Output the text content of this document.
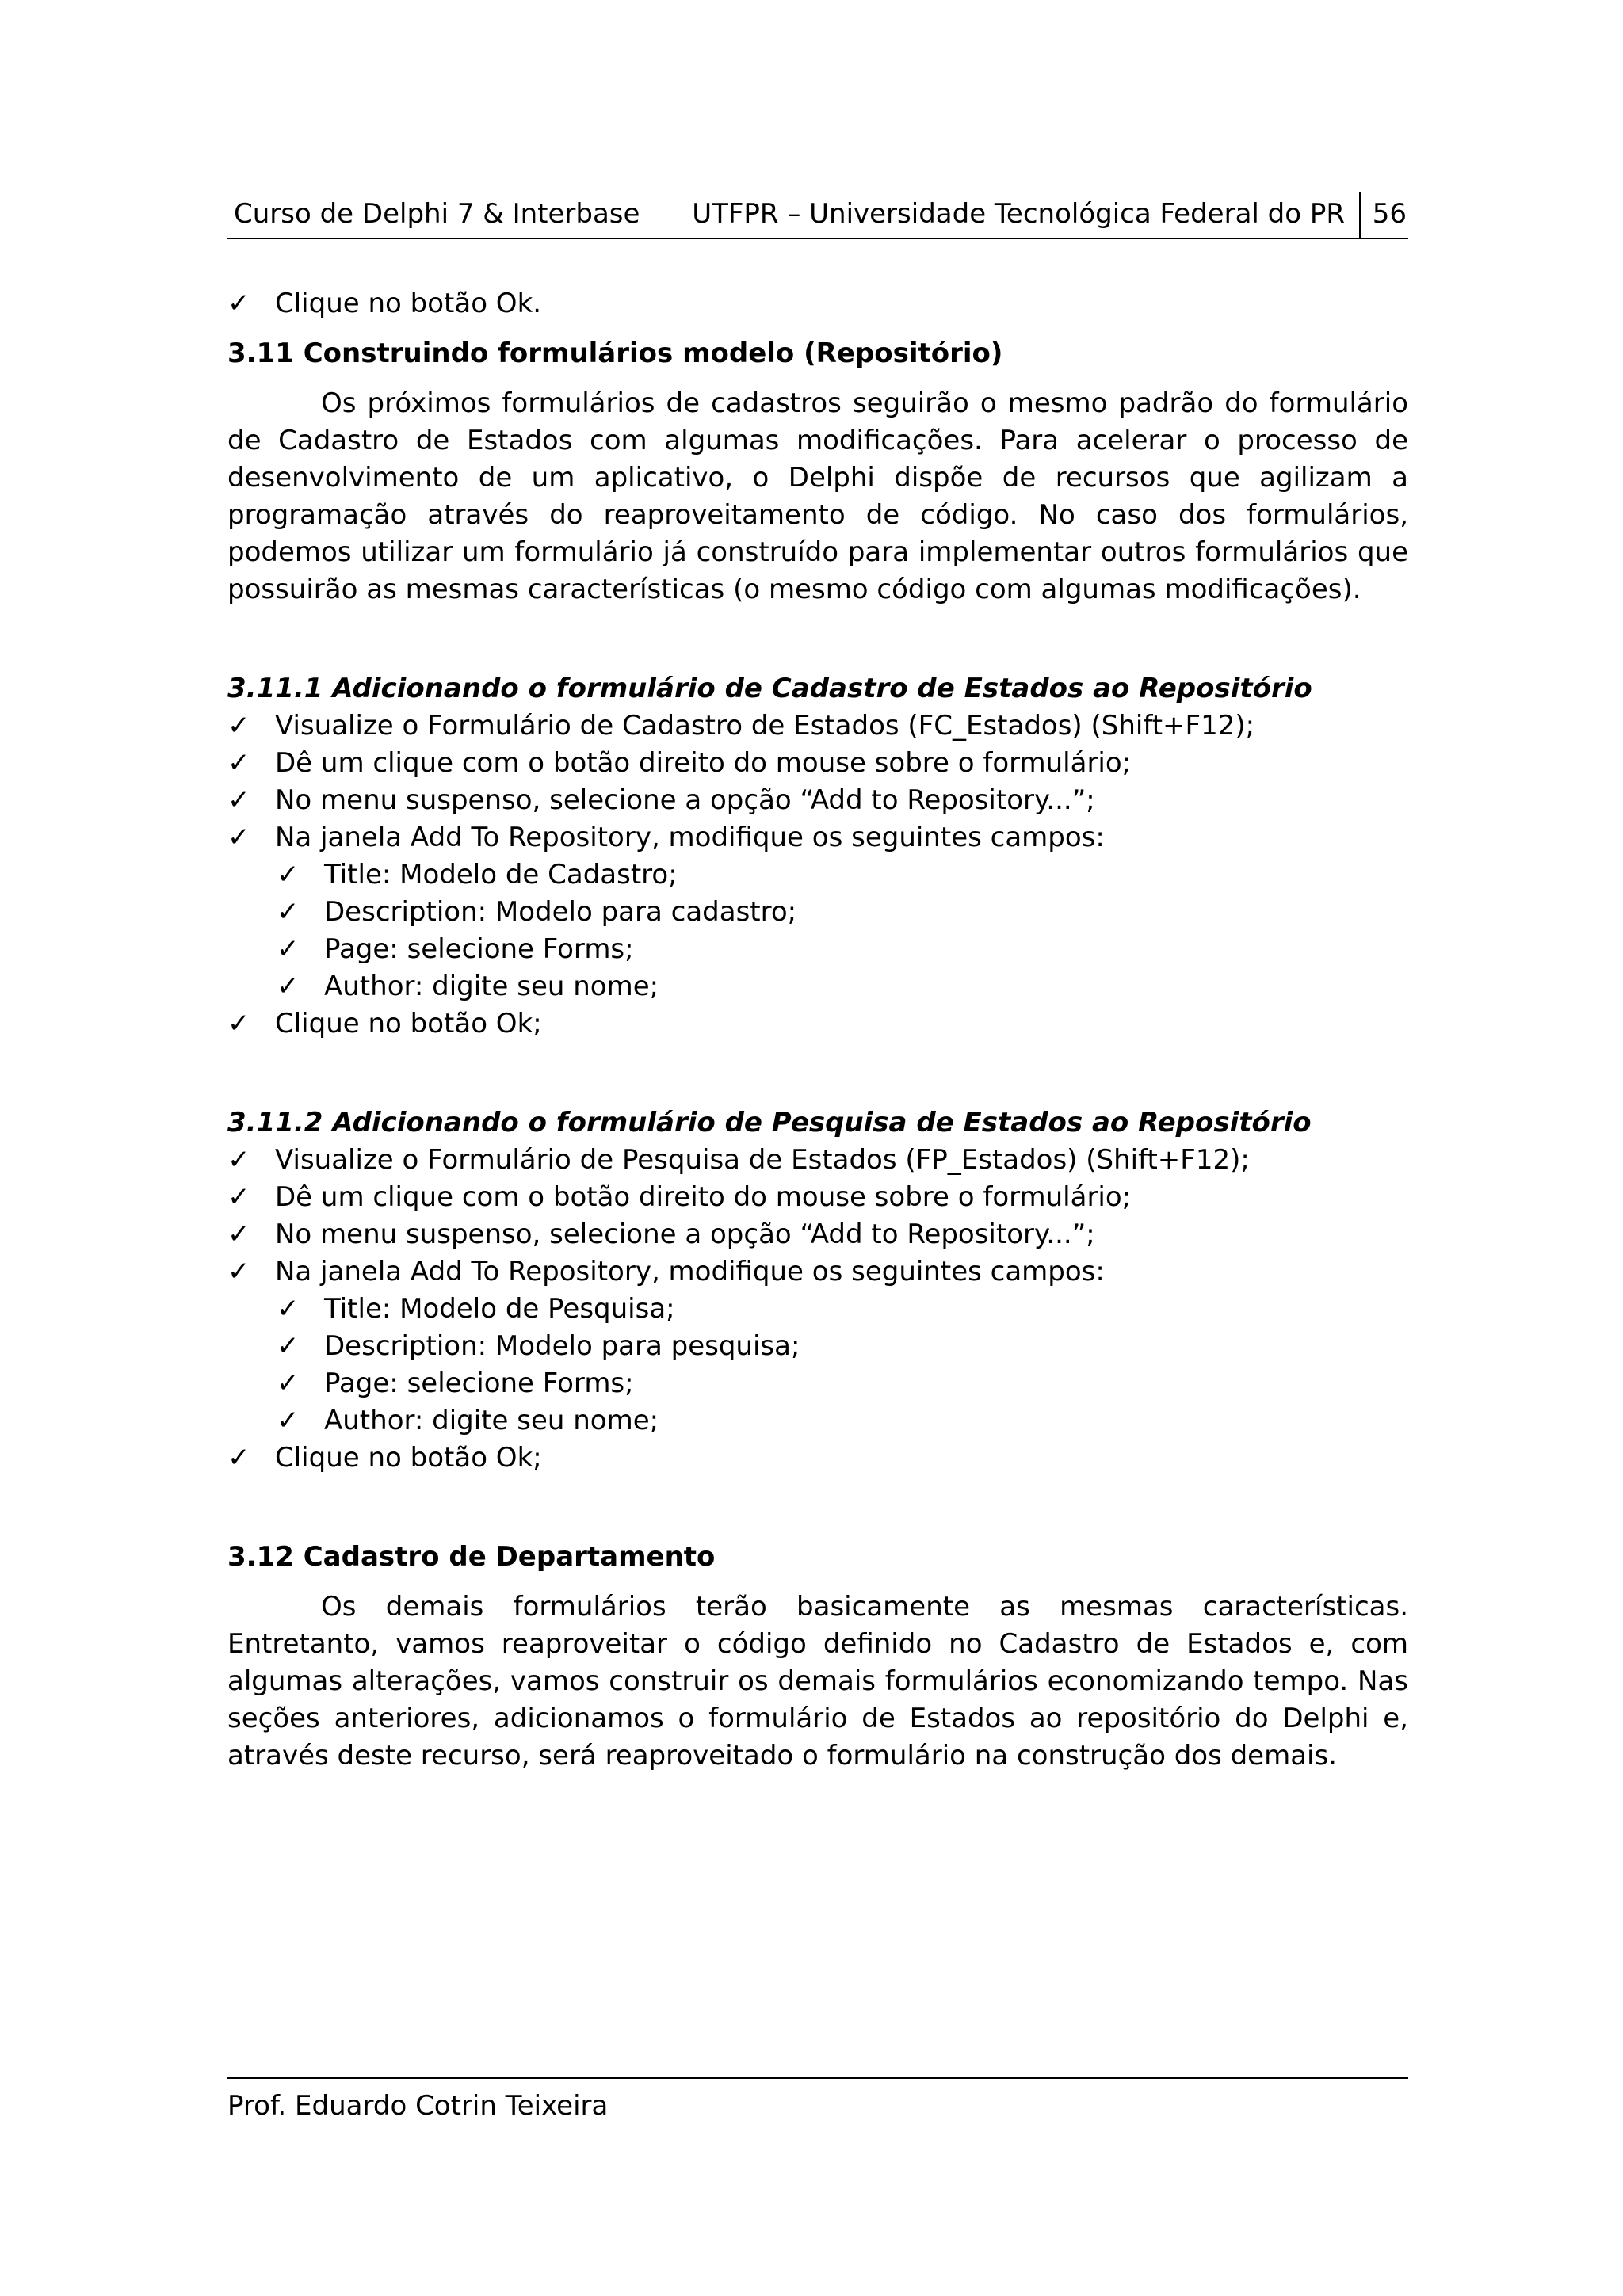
Curso de Delphi 7 & Interbase UTFPR – Universidade Tecnológica Federal do PR 56
✓ Clique no botão Ok.
3.11 Construindo formulários modelo (Repositório)

Os próximos formulários de cadastros seguirão o mesmo padrão do formulário de Cadastro de Estados com algumas modificações. Para acelerar o processo de desenvolvimento de um aplicativo, o Delphi dispõe de recursos que agilizam a programação através do reaproveitamento de código. No caso dos formulários, podemos utilizar um formulário já construído para implementar outros formulários que possuirão as mesmas características (o mesmo código com algumas modificações).

3.11.1 Adicionando o formulário de Cadastro de Estados ao Repositório
✓ Visualize o Formulário de Cadastro de Estados (FC_Estados) (Shift+F12);
✓ Dê um clique com o botão direito do mouse sobre o formulário;
✓ No menu suspenso, selecione a opção “Add to Repository...”;
✓ Na janela Add To Repository, modifique os seguintes campos:
✓ Title: Modelo de Cadastro;
✓ Description: Modelo para cadastro;
✓ Page: selecione Forms;
✓ Author: digite seu nome;
✓ Clique no botão Ok;
3.11.2 Adicionando o formulário de Pesquisa de Estados ao Repositório
✓ Visualize o Formulário de Pesquisa de Estados (FP_Estados) (Shift+F12);
✓ Dê um clique com o botão direito do mouse sobre o formulário;
✓ No menu suspenso, selecione a opção “Add to Repository...”;
✓ Na janela Add To Repository, modifique os seguintes campos:
✓ Title: Modelo de Pesquisa;
✓ Description: Modelo para pesquisa;
✓ Page: selecione Forms;
✓ Author: digite seu nome;
✓ Clique no botão Ok;
3.12 Cadastro de Departamento

Os demais formulários terão basicamente as mesmas características. Entretanto, vamos reaproveitar o código definido no Cadastro de Estados e, com algumas alterações, vamos construir os demais formulários economizando tempo. Nas seções anteriores, adicionamos o formulário de Estados ao repositório do Delphi e, através deste recurso, será reaproveitado o formulário na construção dos demais.

Prof. Eduardo Cotrin Teixeira
